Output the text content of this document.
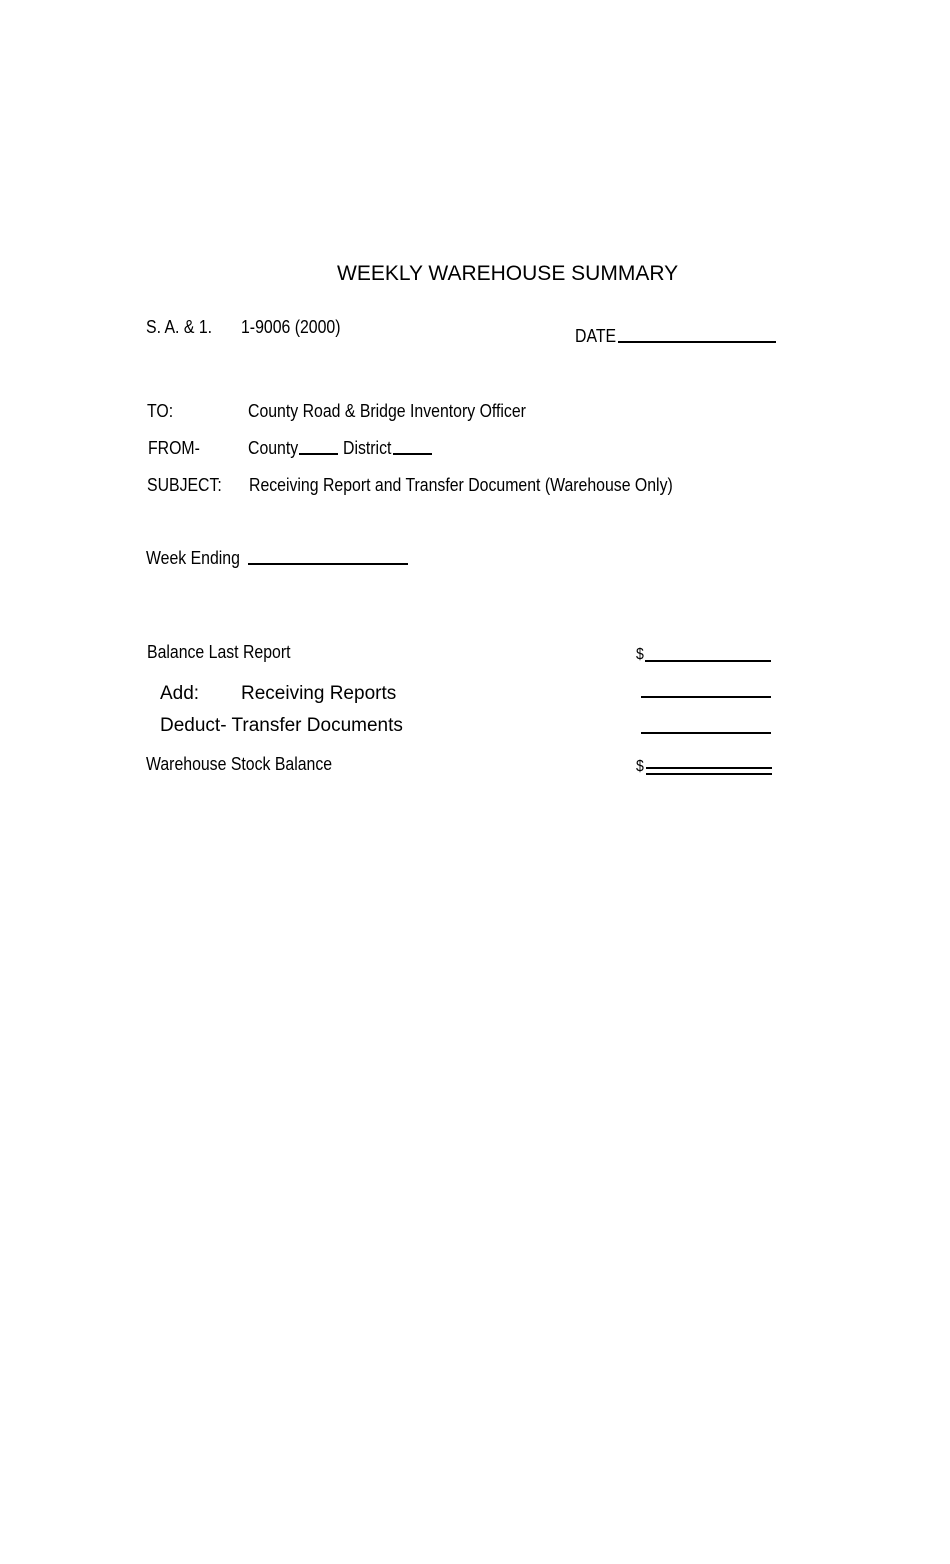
WEEKLY WAREHOUSE SUMMARY
S. A. & 1. 1-9006 (2000)	DATE
TO:	County Road & Bridge Inventory Officer
FROM-	County District
SUBJECT: Receiving Report and Transfer Document (Warehouse Only)
Week Ending
Balance Last Report	$
Add: Receiving Reports
Deduct- Transfer Documents
Warehouse Stock Balance	$
